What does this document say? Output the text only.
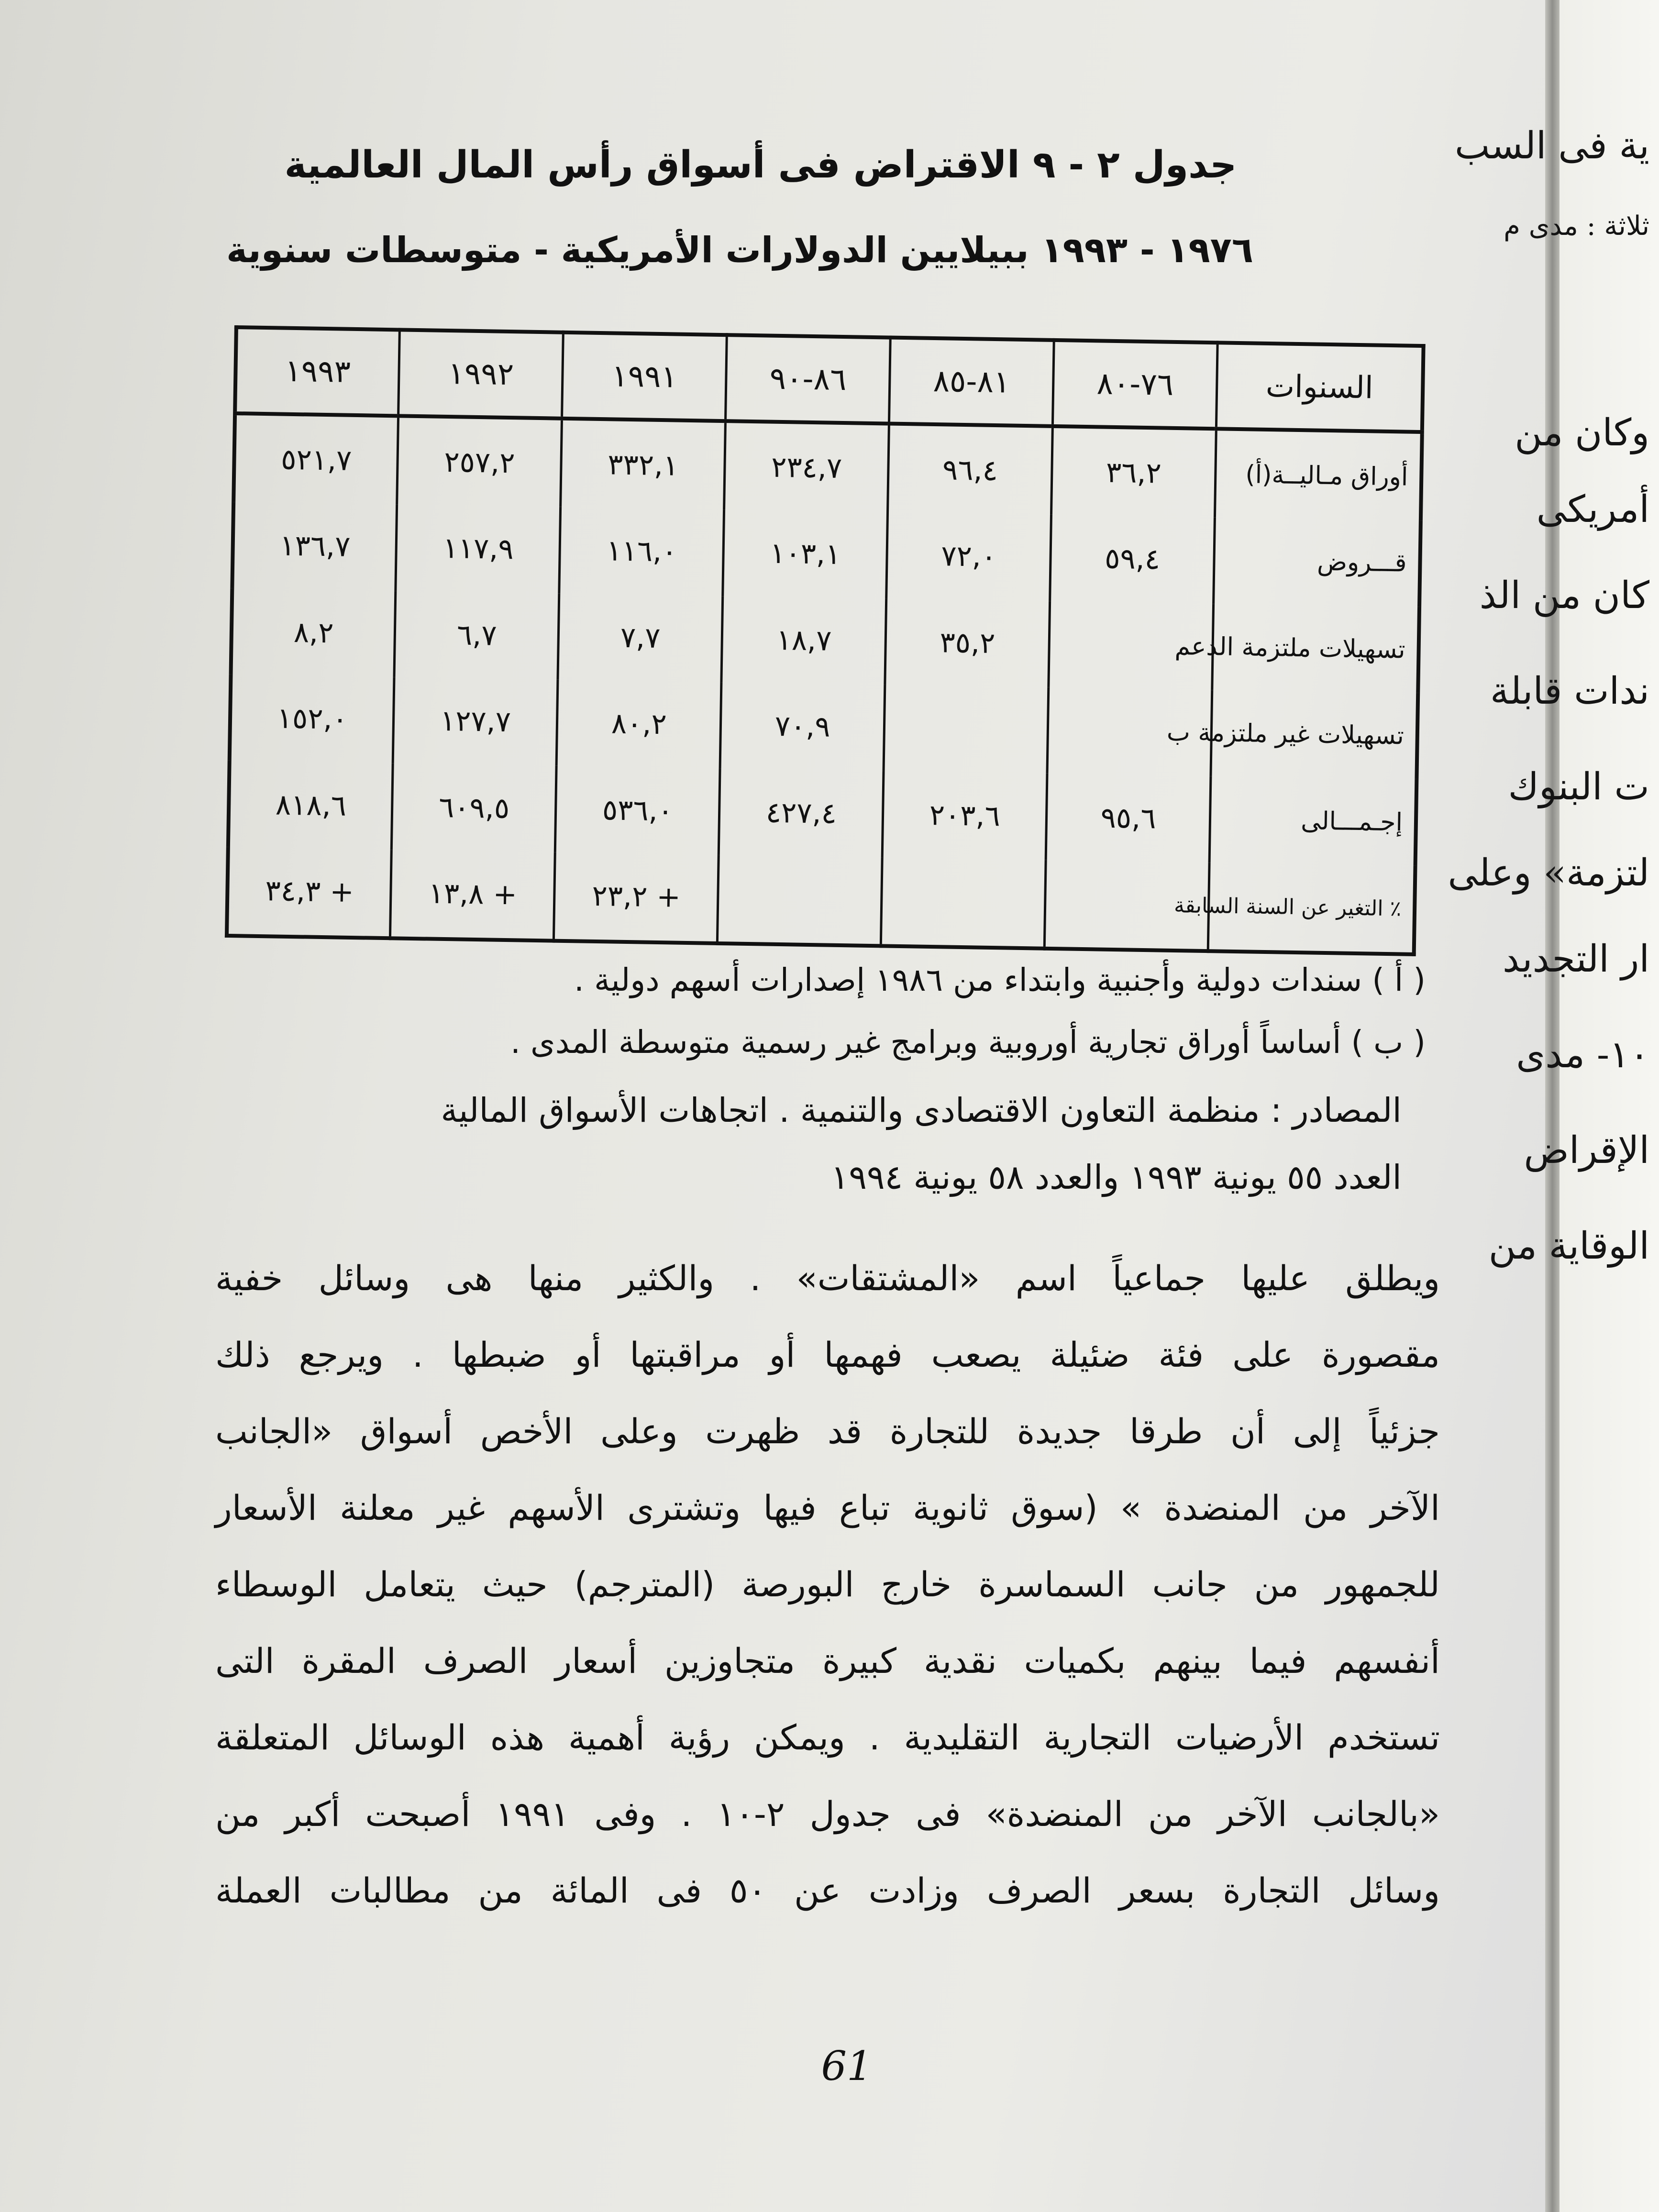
جدول ٢ - ٩ الاقتراض فى أسواق رأس المال العالمية
١٩٧٦ - ١٩٩٣ ببيلايين الدولارات الأمريكية - متوسطات سنوية
السنوات	٧٦-٨٠	٨١-٨٥	٨٦-٩٠	١٩٩١	١٩٩٢	١٩٩٣
أوراق مـاليــة(أ)	٣٦,٢	٩٦,٤	٢٣٤,٧	٣٣٢,١	٢٥٧,٢	٥٢١,٧
قـــروض	٥٩,٤	٧٢,٠	١٠٣,١	١١٦,٠	١١٧,٩	١٣٦,٧
تسهيلات ملتزمة الدعم		٣٥,٢	١٨,٧	٧,٧	٦,٧	٨,٢
تسهيلات غير ملتزمة ب			٧٠,٩	٨٠,٢	١٢٧,٧	١٥٢,٠
إجـمـــالى	٩٥,٦	٢٠٣,٦	٤٢٧,٤	٥٣٦,٠	٦٠٩,٥	٨١٨,٦
٪ التغير عن السنة السابقة				+ ٢٣,٢	+ ١٣,٨	+ ٣٤,٣
( أ ) سندات دولية وأجنبية وابتداء من ١٩٨٦ إصدارات أسهم دولية .
( ب ) أساساً أوراق تجارية أوروبية وبرامج غير رسمية متوسطة المدى .
المصادر : منظمة التعاون الاقتصادى والتنمية . اتجاهات الأسواق المالية
العدد ٥٥ يونية ١٩٩٣ والعدد ٥٨ يونية ١٩٩٤
ويطلق عليها جماعياً اسم «المشتقات» . والكثير منها هى وسائل خفية
مقصورة على فئة ضئيلة يصعب فهمها أو مراقبتها أو ضبطها . ويرجع ذلك
جزئياً إلى أن طرقا جديدة للتجارة قد ظهرت وعلى الأخص أسواق «الجانب
الآخر من المنضدة » (سوق ثانوية تباع فيها وتشترى الأسهم غير معلنة الأسعار
للجمهور من جانب السماسرة خارج البورصة (المترجم) حيث يتعامل الوسطاء
أنفسهم فيما بينهم بكميات نقدية كبيرة متجاوزين أسعار الصرف المقرة التى
تستخدم الأرضيات التجارية التقليدية . ويمكن رؤية أهمية هذه الوسائل المتعلقة
«بالجانب الآخر من المنضدة» فى جدول ٢-١٠ . وفى ١٩٩١ أصبحت أكبر من
وسائل التجارة بسعر الصرف وزادت عن ٥٠ فى المائة من مطالبات العملة
61
ية فى السب
ثلاثة : مدى م
وكان من
أمريكى
كان من الذ
ندات قابلة
ت البنوك
لتزمة» وعلى
ار التجديد
١٠- مدى
الإقراض
الوقاية من
